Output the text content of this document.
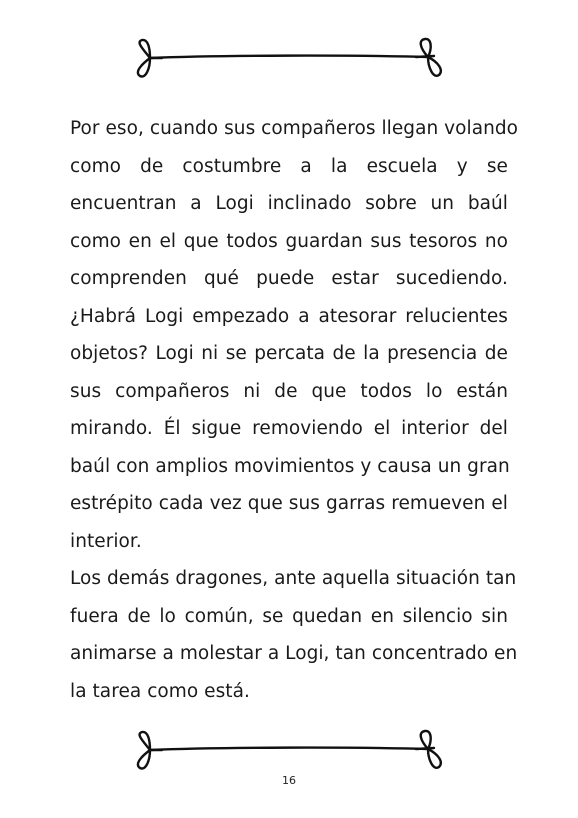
Por eso, cuando sus compañeros llegan volando
como de costumbre a la escuela y se
encuentran a Logi inclinado sobre un baúl
como en el que todos guardan sus tesoros no
comprenden qué puede estar sucediendo.
¿Habrá Logi empezado a atesorar relucientes
objetos? Logi ni se percata de la presencia de
sus compañeros ni de que todos lo están
mirando. Él sigue removiendo el interior del
baúl con amplios movimientos y causa un gran
estrépito cada vez que sus garras remueven el
interior.

Los demás dragones, ante aquella situación tan
fuera de lo común, se quedan en silencio sin
animarse a molestar a Logi, tan concentrado en
la tarea como está.

16
